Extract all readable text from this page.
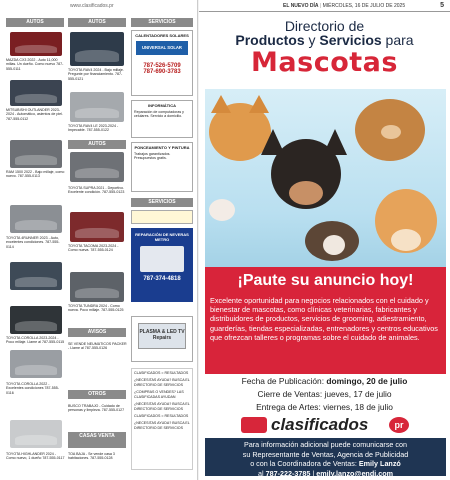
www.clasificados.pr
AUTOS
MAZDA CX3 2022 - Auto 11,000 millas. Un dueño. Como nuevo 787-555-0111
MITSUBISHI OUTLANDER 2023-2024 - Automático, asientos de piel. 787-555-0112
RAM 1500 2022 - Bajo millaje, como nuevo. 787-555-0113
TOYOTA 4RUNNER 2023 - Auto, excelentes condiciones. 787-555-0114
TOYOTA COROLLA 2023-2024 - Poco millaje. Llame al 787-555-0115
TOYOTA COROLLA 2022 - Excelentes condiciones 787-555-0116
TOYOTA HIGHLANDER 2024 - Como nuevo, 1 dueño 787-555-0117
AUTOS
TOYOTA RAV4 2024 - Bajo millaje. Pregunte por financiamiento. 787-555-0121
TOYOTA RAV4 LE 2023-2024 - Impecable. 787-555-0122
AUTOS
TOYOTA SUPRA 2021 - Deportivo. Excelente condición. 787-555-0123
TOYOTA TACOMA 2023-2024 - Como nueva. 787-555-0124
TOYOTA TUNDRA 2024 - Como nueva. Poco millaje. 787-555-0125
AVISOS
SE VENDE NEUMÁTICOS PACKER - Llame al 787-555-0126
OTROS
BUSCO TRABAJO - Cuidado de personas y limpieza. 787-555-0127
CASAS VENTA
TOA BAJA - Se vende casa 3 habitaciones. 787-555-0128
SERVICIOS
CALENTADORES SOLARES
UNIVERSAL SOLAR PRODUCTS
787-526-5709
787-690-3783
INFORMÁTICA
Reparación de computadoras y celulares. Servicio a domicilio.
PONCEAMIENTO Y PINTURA
Trabajos garantizados. Presupuestos gratis.
SERVICIOS
REPARACIÓN DE NEVERAS METRO
787-374-4818
PLASMA & LED TV Repairs
CLASIFICADOS = RESULTADOS
¿NECESITAS AYUDA? BUSCA EL DIRECTORIO DE SERVICIOS
¿COMPRAS O VENDES? LAS CLASIFICADAS AYUDAN
¿NECESITAS AYUDA? BUSCA EL DIRECTORIO DE SERVICIOS
CLASIFICADOS = RESULTADOS
¿NECESITAS AYUDA? BUSCA EL DIRECTORIO DE SERVICIOS
EL NUEVO DÍA | MIÉRCOLES, 16 DE JULIO DE 2025	5
Directorio de
Productos y Servicios para
Mascotas
¡Paute su anuncio hoy!
Excelente oportunidad para negocios relacionados con el cuidado y bienestar de mascotas, como clínicas veterinarias, fabricantes y distribuidores de productos, servicios de grooming, adiestramiento, guarderías, tiendas especializadas, entrenadores y centros educativos que ofrezcan talleres o programas sobre el cuidado de animales.
Fecha de Publicación: domingo, 20 de julio
Cierre de Ventas: jueves, 17 de julio
Entrega de Artes: viernes, 18 de julio
clasificados	pr
Para información adicional puede comunicarse con
su Representante de Ventas, Agencia de Publicidad
o con la Coordinadora de Ventas: Emily Lanzó
al 787-222-3785 | emily.lanzo@endi.com
